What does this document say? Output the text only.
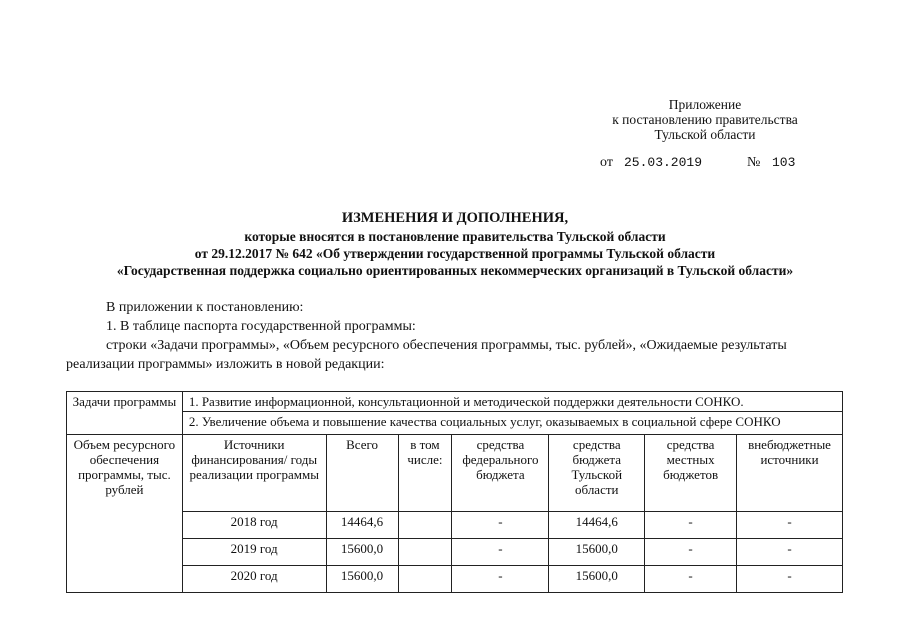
Приложение
к постановлению правительства
Тульской области
от 25.03.2019	№ 103
ИЗМЕНЕНИЯ И ДОПОЛНЕНИЯ,
которые вносятся в постановление правительства Тульской области
от 29.12.2017 № 642 «Об утверждении государственной программы Тульской области
«Государственная поддержка социально ориентированных некоммерческих организаций в Тульской области»
В приложении к постановлению:
1. В таблице паспорта государственной программы:
строки «Задачи программы», «Объем ресурсного обеспечения программы, тыс. рублей», «Ожидаемые результаты
реализации программы» изложить в новой редакции:
Задачи программы	1. Развитие информационной, консультационной и методической поддержки деятельности СОНКО.
2. Увеличение объема и повышение качества социальных услуг, оказываемых в социальной сфере СОНКО						

Объем ресурсного обеспечения программы, тыс. рублей	Источники финансирования/ годы реализации программы	Всего	в том числе:	средства федерального бюджета	средства бюджета Тульской области	средства местных бюджетов	внебюджетные источники
	2018 год	14464,6		-	14464,6	-	-
	2019 год	15600,0		-	15600,0	-	-
	2020 год	15600,0		-	15600,0	-	-
